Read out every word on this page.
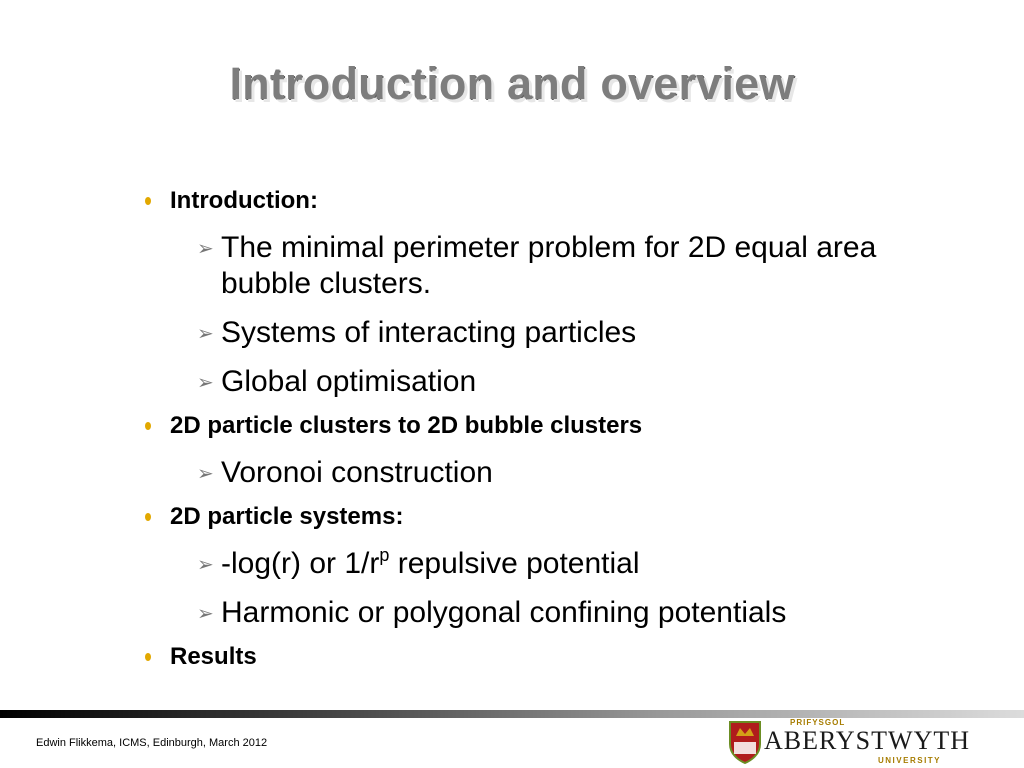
Introduction and overview
Introduction:
➢ The minimal perimeter problem for 2D equal area bubble clusters.
➢ Systems of interacting particles
➢ Global optimisation
2D particle clusters to 2D bubble clusters
➢ Voronoi construction
2D particle systems:
➢ -log(r) or $1/r^p$ repulsive potential
➢ Harmonic or polygonal confining potentials
Results
Edwin Flikkema, ICMS, Edinburgh, March 2012
PRIFYSGOL
ABERYSTWYTH
UNIVERSITY
